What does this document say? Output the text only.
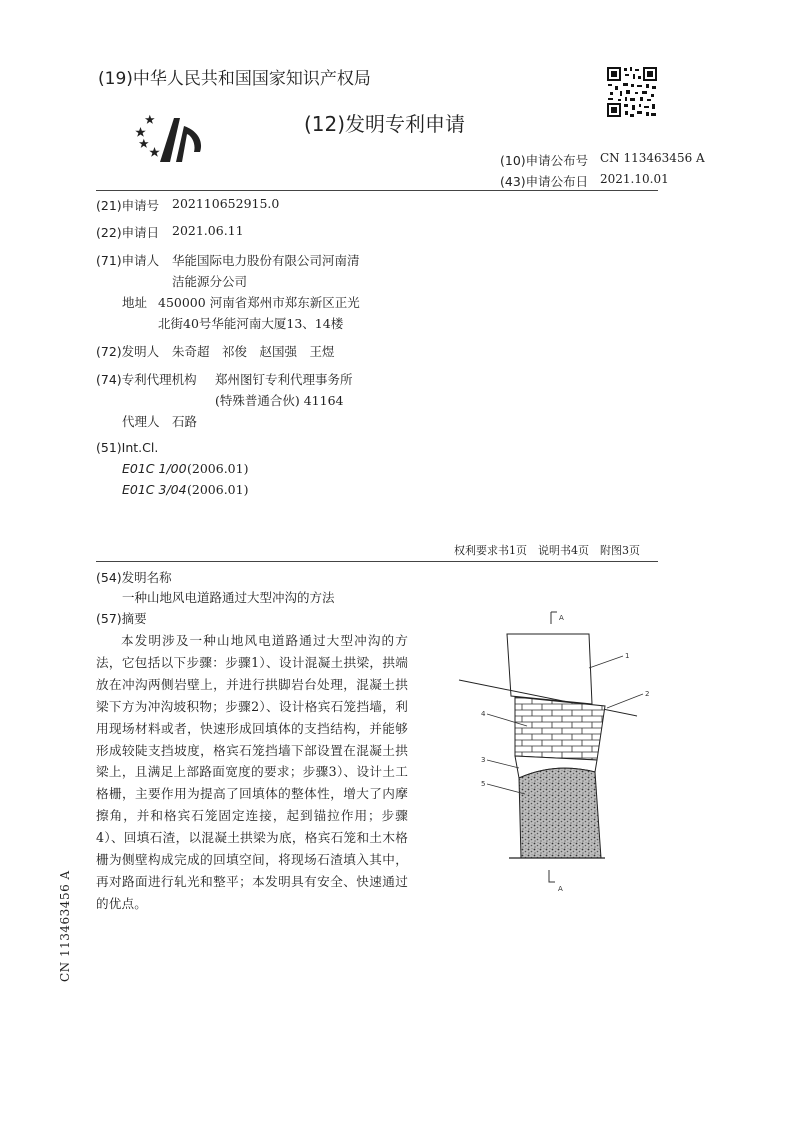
(19)中华人民共和国国家知识产权局
(12)发明专利申请
(10)申请公布号 CN 113463456 A
(43)申请公布日 2021.10.01
(21)申请号 202110652915.0
(22)申请日 2021.06.11
(71)申请人 华能国际电力股份有限公司河南清
洁能源分公司
地址 450000 河南省郑州市郑东新区正光
北街40号华能河南大厦13、14楼
(72)发明人 朱奇超　祁俊　赵国强　王煜
(74)专利代理机构 郑州图钉专利代理事务所
(特殊普通合伙) 41164
代理人 石路
(51)Int.Cl.
E01C 1/00 (2006.01)
E01C 3/04 (2006.01)
权利要求书1页　说明书4页　附图3页
(54)发明名称
一种山地风电道路通过大型冲沟的方法
(57)摘要
本发明涉及一种山地风电道路通过大型冲沟的方法，它包括以下步骤：步骤1）、设计混凝土拱梁，拱端放在冲沟两侧岩壁上，并进行拱脚岩台处理，混凝土拱梁下方为冲沟坡积物；步骤2）、设计格宾石笼挡墙，利用现场材料或者，快速形成回填体的支挡结构，并能够形成较陡支挡坡度，格宾石笼挡墙下部设置在混凝土拱梁上，且满足上部路面宽度的要求；步骤3）、设计土工格栅，主要作用为提高了回填体的整体性，增大了内摩擦角，并和格宾石笼固定连接，起到锚拉作用；步骤4）、回填石渣，以混凝土拱梁为底，格宾石笼和土木格栅为侧壁构成完成的回填空间，将现场石渣填入其中，再对路面进行轧光和整平；本发明具有安全、快速通过的优点。
A
1
2
4
3
5
A
CN 113463456 A
